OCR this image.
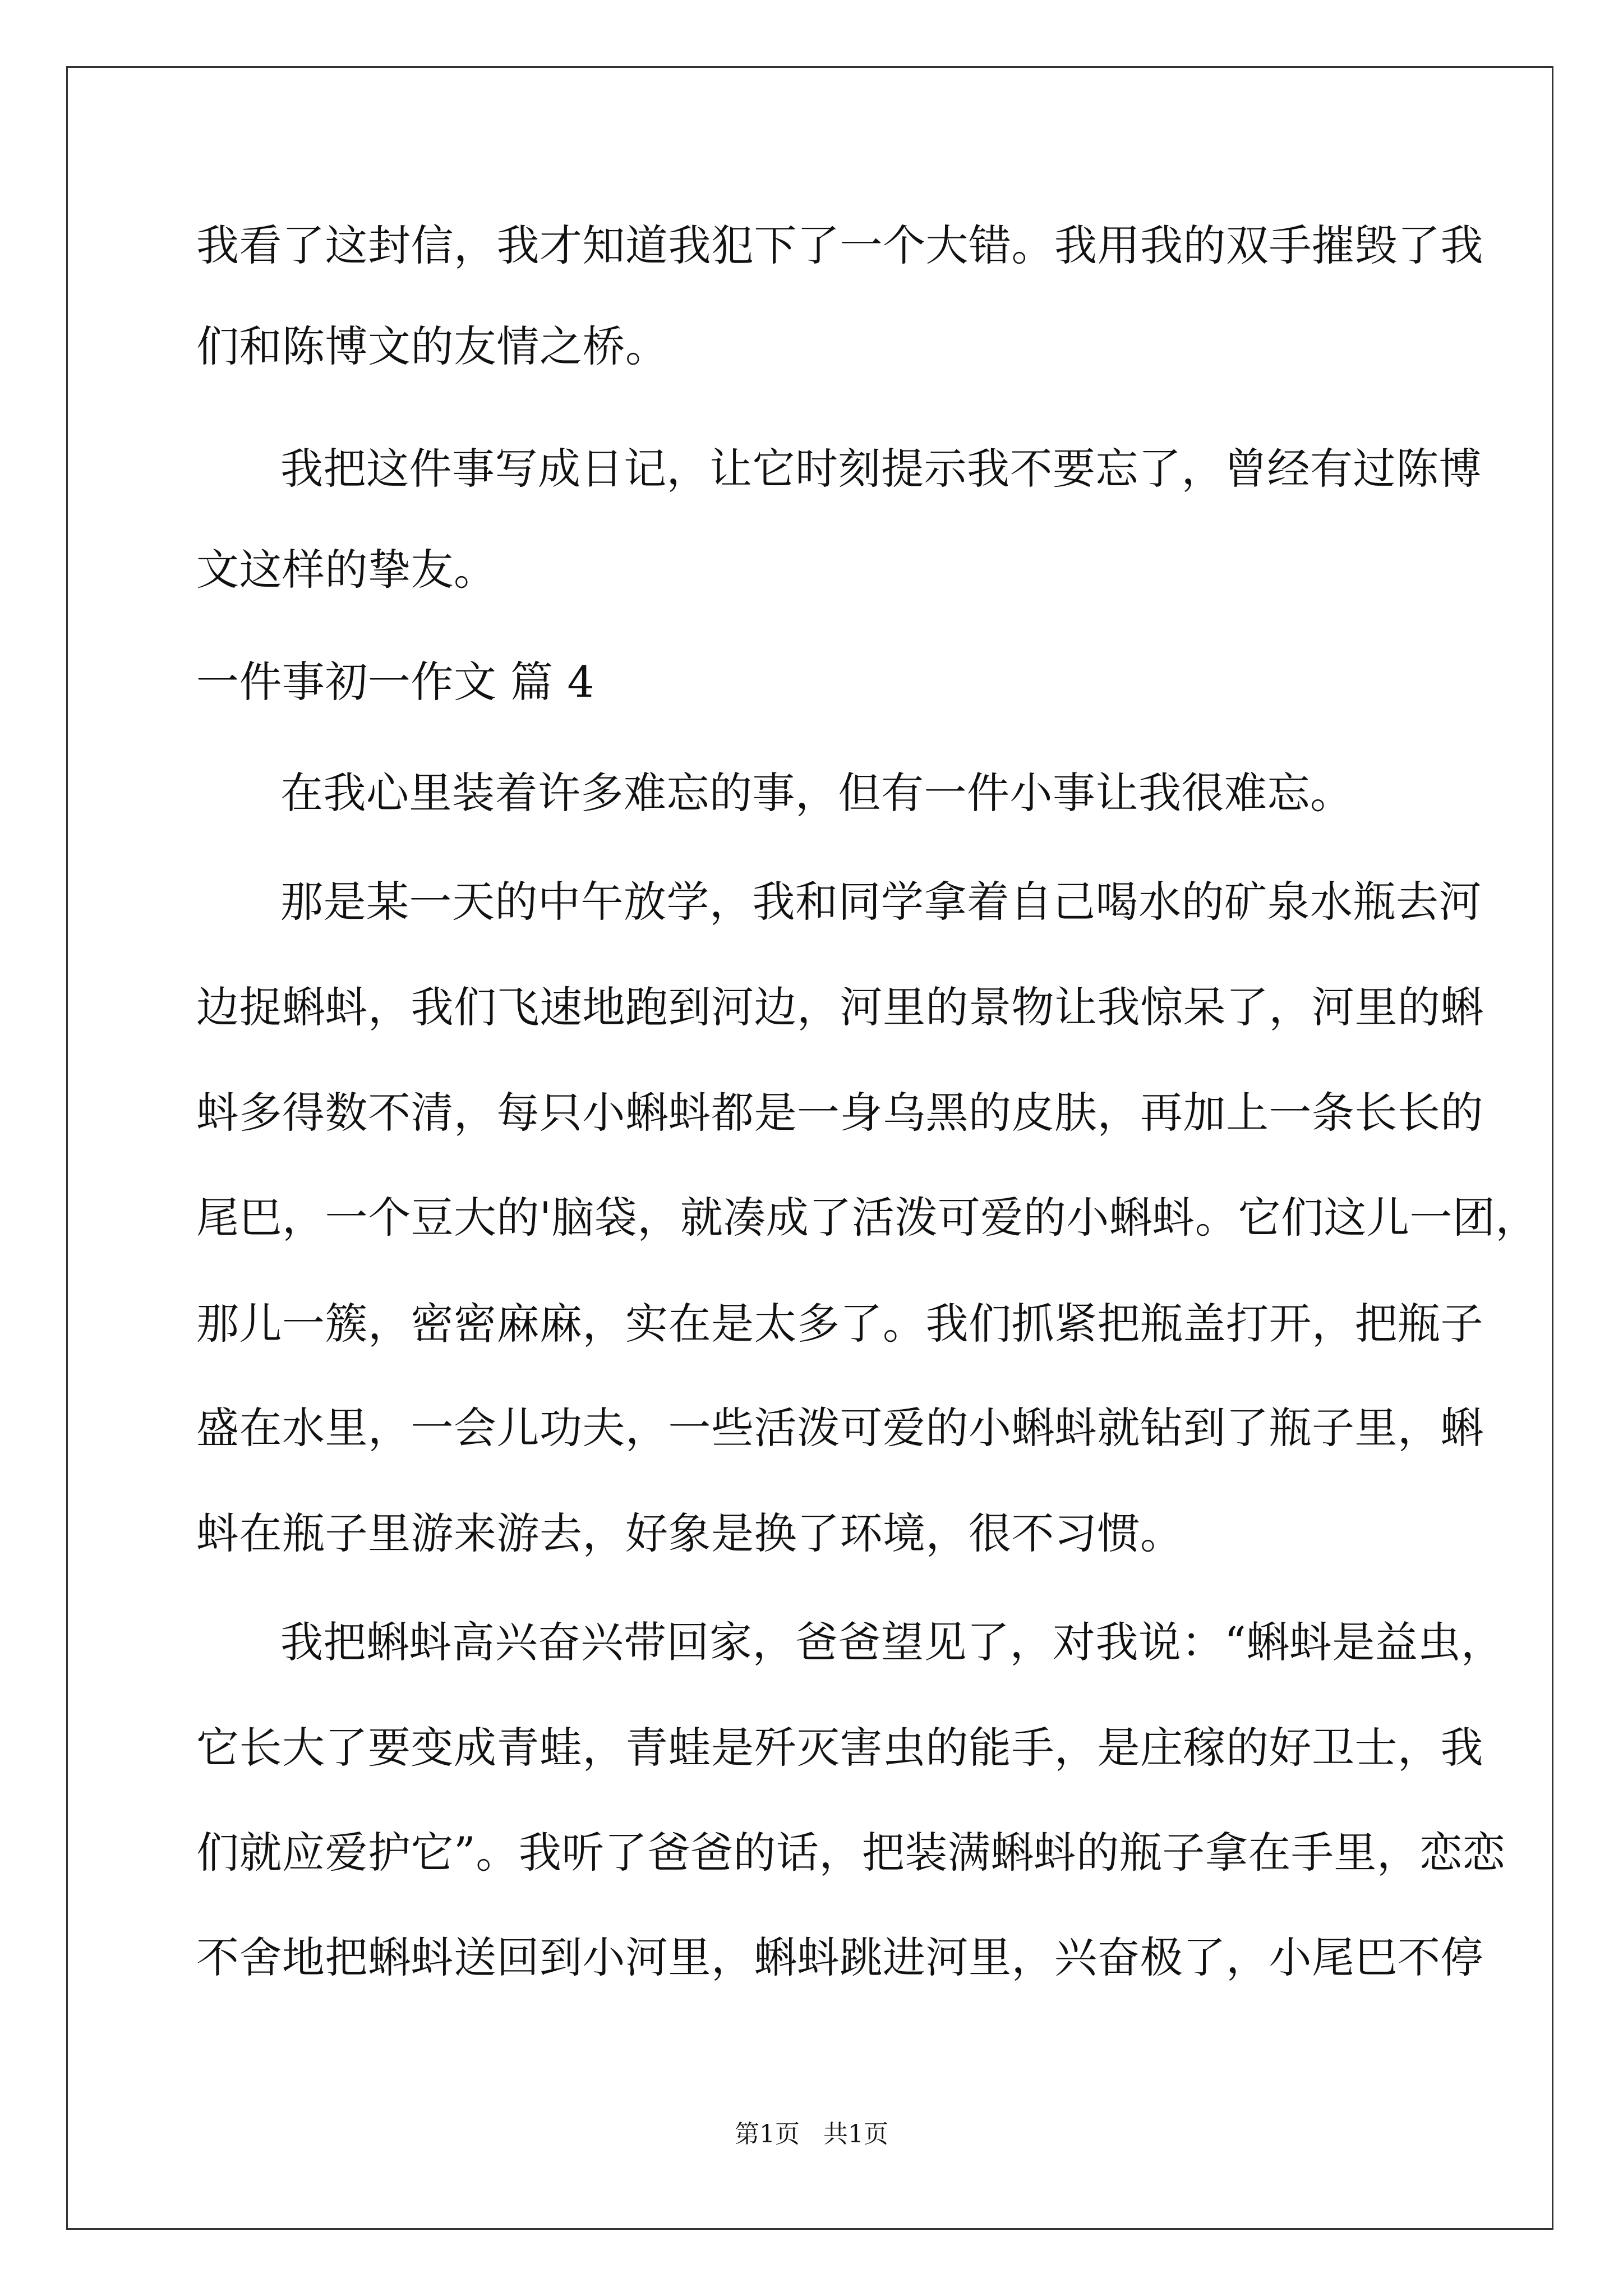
我看了这封信，我才知道我犯下了一个大错。我用我的双手摧毁了我
们和陈博文的友情之桥。
我把这件事写成日记，让它时刻提示我不要忘了，曾经有过陈博
文这样的挚友。
一件事初一作文 篇 4
在我心里装着许多难忘的事，但有一件小事让我很难忘。
那是某一天的中午放学，我和同学拿着自己喝水的矿泉水瓶去河
边捉蝌蚪，我们飞速地跑到河边，河里的景物让我惊呆了，河里的蝌
蚪多得数不清，每只小蝌蚪都是一身乌黑的皮肤，再加上一条长长的
尾巴，一个豆大的'脑袋，就凑成了活泼可爱的小蝌蚪。它们这儿一团，
那儿一簇，密密麻麻，实在是太多了。我们抓紧把瓶盖打开，把瓶子
盛在水里，一会儿功夫，一些活泼可爱的小蝌蚪就钻到了瓶子里，蝌
蚪在瓶子里游来游去，好象是换了环境，很不习惯。
我把蝌蚪高兴奋兴带回家，爸爸望见了，对我说：“蝌蚪是益虫，
它长大了要变成青蛙，青蛙是歼灭害虫的能手，是庄稼的好卫士，我
们就应爱护它”。我听了爸爸的话，把装满蝌蚪的瓶子拿在手里，恋恋
不舍地把蝌蚪送回到小河里，蝌蚪跳进河里，兴奋极了，小尾巴不停
第1页   共1页
